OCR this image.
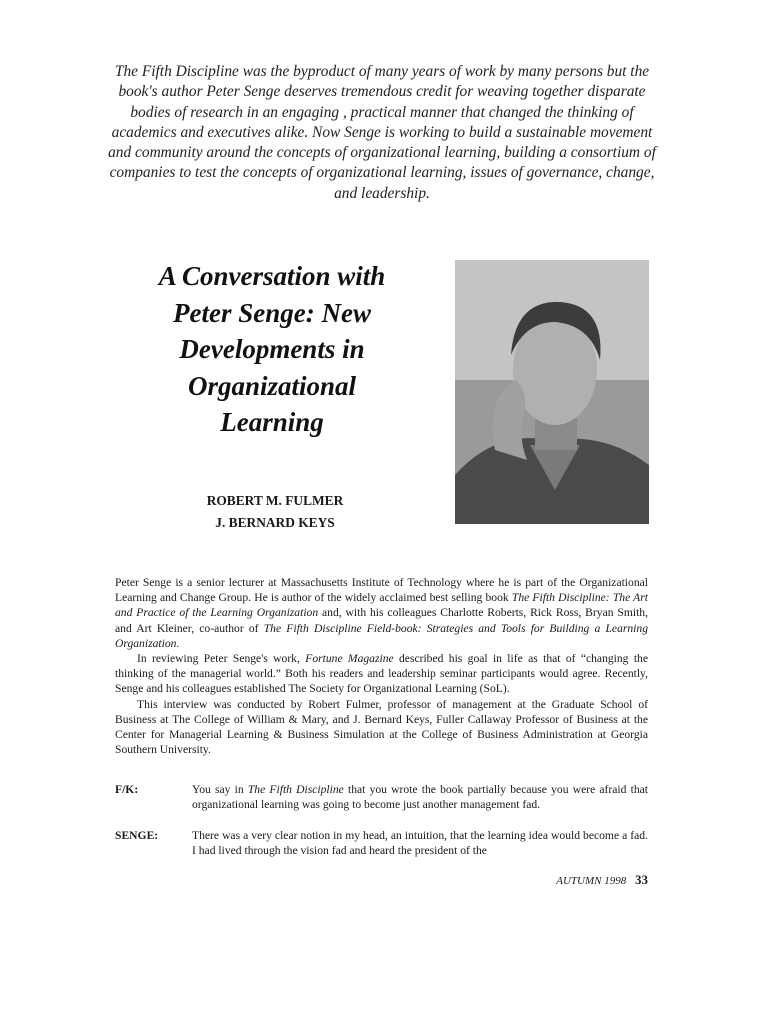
The Fifth Discipline was the byproduct of many years of work by many persons but the book's author Peter Senge deserves tremendous credit for weaving together disparate bodies of research in an engaging , practical manner that changed the thinking of academics and executives alike. Now Senge is working to build a sustainable movement and community around the concepts of organizational learning, building a consortium of companies to test the concepts of organizational learning, issues of governance, change, and leadership.

A Conversation with

Peter Senge: New

Developments in

Organizational

Learning

ROBERT M. FULMER
J. BERNARD KEYS

Peter Senge is a senior lecturer at Massachusetts Institute of Technology where he is part of the Organizational Learning and Change Group. He is author of the widely acclaimed best selling book The Fifth Discipline: The Art and Practice of the Learning Organization and, with his colleagues Charlotte Roberts, Rick Ross, Bryan Smith, and Art Kleiner, co-author of The Fifth Discipline Field-book: Strategies and Tools for Building a Learning Organization.

In reviewing Peter Senge's work, Fortune Magazine described his goal in life as that of “changing the thinking of the managerial world.” Both his readers and leadership seminar participants would agree. Recently, Senge and his colleagues established The Society for Organizational Learning (SoL).

This interview was conducted by Robert Fulmer, professor of management at the Graduate School of Business at The College of William & Mary, and J. Bernard Keys, Fuller Callaway Professor of Business at the Center for Managerial Learning & Business Simulation at the College of Business Administration at Georgia Southern University.

F/K:	You say in The Fifth Discipline that you wrote the book partially because you were afraid that organizational learning was going to become just another management fad.
SENGE:	There was a very clear notion in my head, an intuition, that the learning idea would become a fad. I had lived through the vision fad and heard the president of the
AUTUMN 1998 33
